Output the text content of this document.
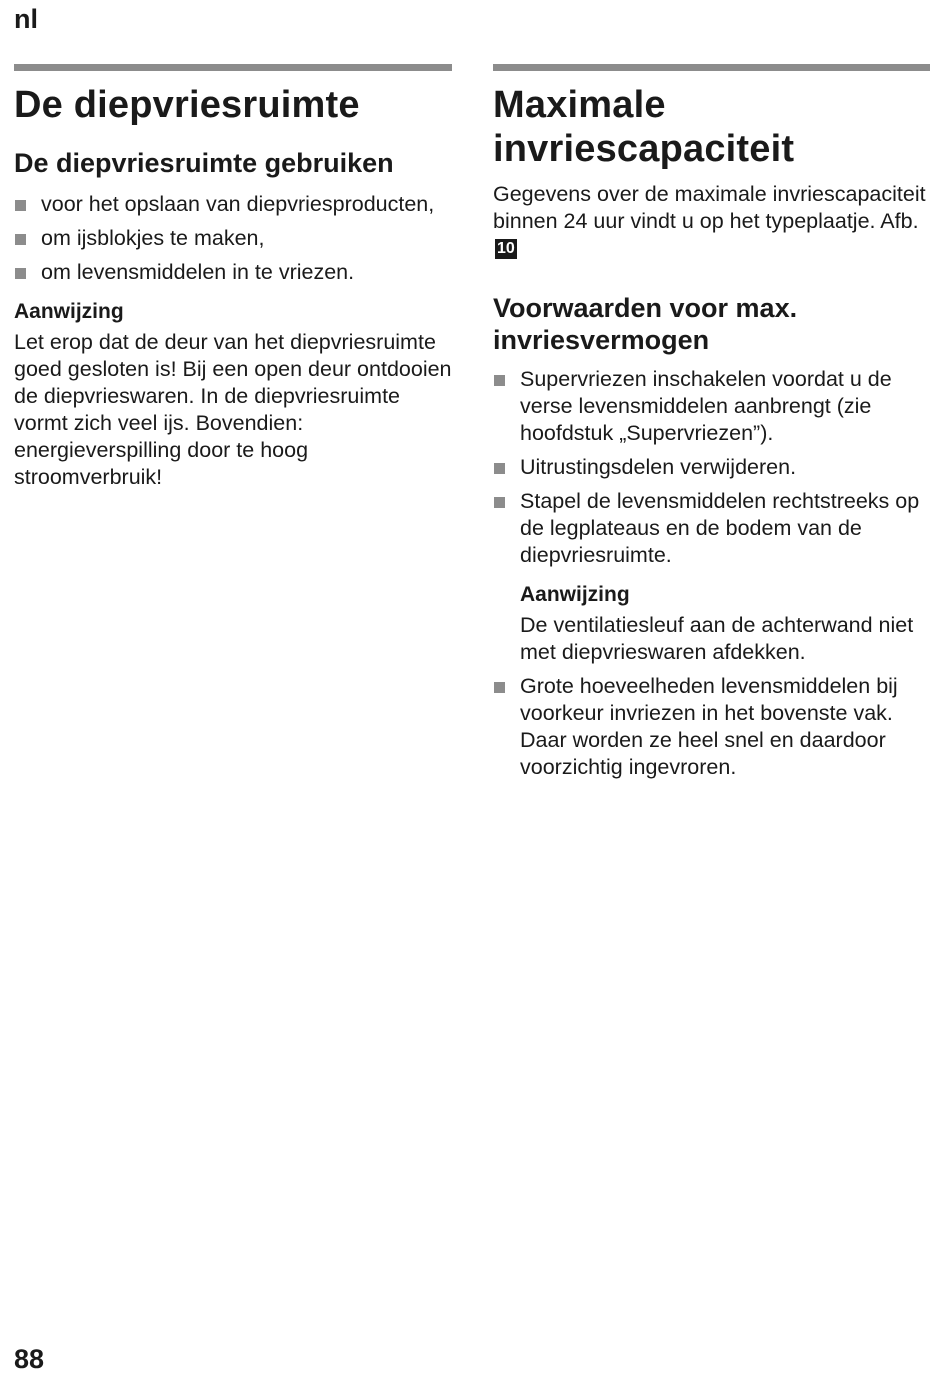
nl
De diepvriesruimte
De diepvriesruimte gebruiken
voor het opslaan van diepvriesproducten,
om ijsblokjes te maken,
om levensmiddelen in te vriezen.
Aanwijzing

Let erop dat de deur van het diepvriesruimte goed gesloten is! Bij een open deur ontdooien de diepvrieswaren. In de diepvriesruimte vormt zich veel ijs. Bovendien: energieverspilling door te hoog stroomverbruik!

Maximale invriescapaciteit

Gegevens over de maximale invriescapaciteit binnen 24 uur vindt u op het typeplaatje. Afb. 10

Voorwaarden voor max. invriesvermogen
Supervriezen inschakelen voordat u de verse levensmiddelen aanbrengt (zie hoofdstuk „Supervriezen”).
Uitrustingsdelen verwijderen.
Stapel de levensmiddelen rechtstreeks op de legplateaus en de bodem van de diepvriesruimte.
Aanwijzing

De ventilatiesleuf aan de achterwand niet met diepvrieswaren afdekken.

Grote hoeveelheden levensmiddelen bij voorkeur invriezen in het bovenste vak. Daar worden ze heel snel en daardoor voorzichtig ingevroren.
88
